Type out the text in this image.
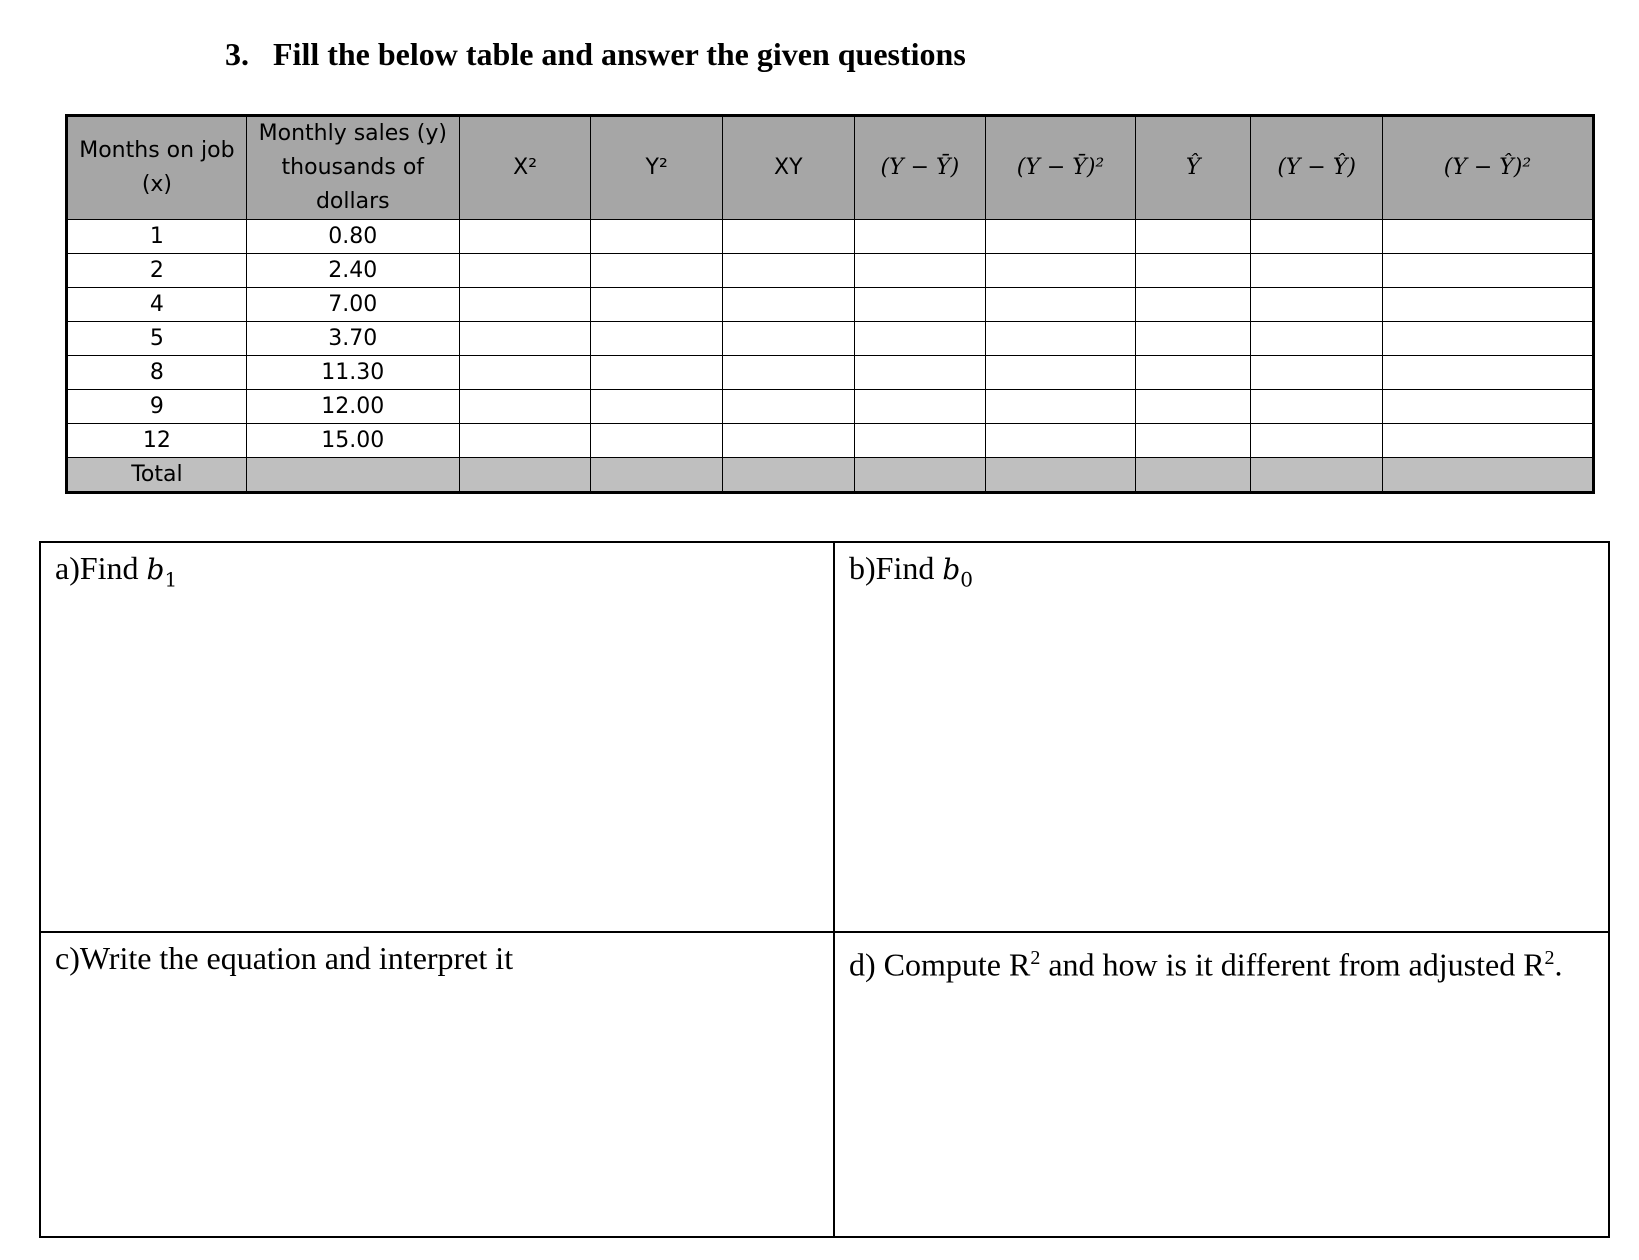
3. Fill the below table and answer the given questions
Months on job (x)	Monthly sales (y) thousands of dollars	X²	Y²	XY	(Y − Ȳ)	(Y − Ȳ)²	Ŷ	(Y − Ŷ)	(Y − Ŷ)²
1	0.80								
2	2.40								
4	7.00								
5	3.70								
8	11.30								
9	12.00								
12	15.00								
Total									
a)Find $b_1$	b)Find $b_0$
c)Write the equation and interpret it	d) Compute $R^2$ and how is it different from adjusted $R^2$.
